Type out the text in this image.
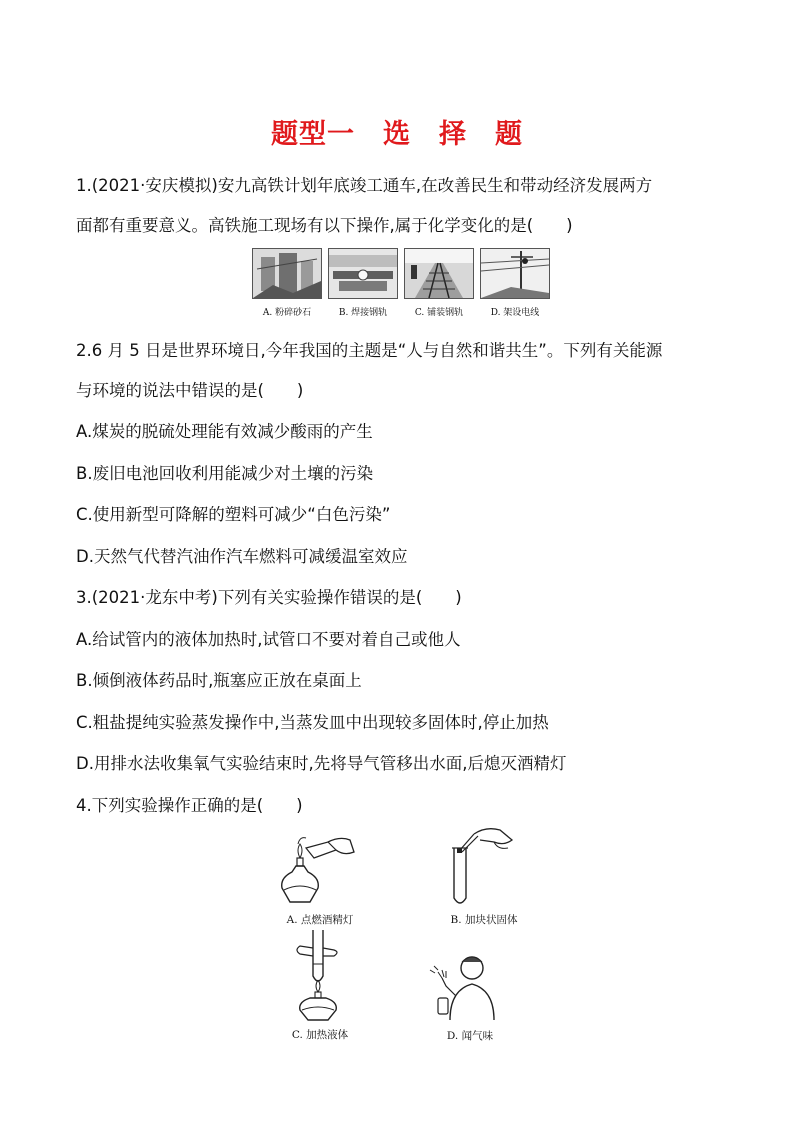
题型一　选　择　题
1.(2021·安庆模拟)安九高铁计划年底竣工通车,在改善民生和带动经济发展两方
面都有重要意义。高铁施工现场有以下操作,属于化学变化的是(　　)
A. 粉碎砂石	B. 焊接钢轨	C. 铺装钢轨	D. 架设电线
2.6 月 5 日是世界环境日,今年我国的主题是“人与自然和谐共生”。下列有关能源
与环境的说法中错误的是(　　)
A.煤炭的脱硫处理能有效减少酸雨的产生
B.废旧电池回收利用能减少对土壤的污染
C.使用新型可降解的塑料可减少“白色污染”
D.天然气代替汽油作汽车燃料可减缓温室效应
3.(2021·龙东中考)下列有关实验操作错误的是(　　)
A.给试管内的液体加热时,试管口不要对着自己或他人
B.倾倒液体药品时,瓶塞应正放在桌面上
C.粗盐提纯实验蒸发操作中,当蒸发皿中出现较多固体时,停止加热
D.用排水法收集氧气实验结束时,先将导气管移出水面,后熄灭酒精灯
4.下列实验操作正确的是(　　)
A. 点燃酒精灯	B. 加块状固体
C. 加热液体	D. 闻气味
